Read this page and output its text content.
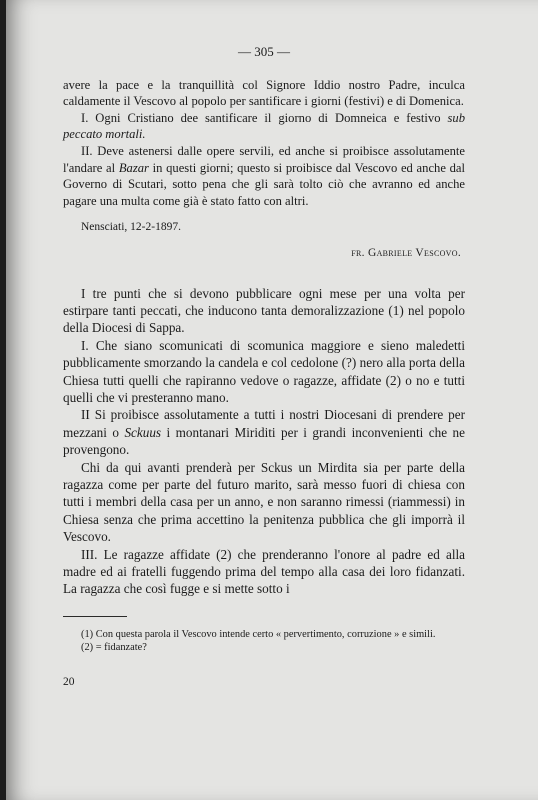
— 305 —

avere la pace e la tranquillità col Signore Iddio nostro Padre, inculca caldamente il Vescovo al popolo per santificare i giorni (festivi) e di Domenica.

I. Ogni Cristiano dee santificare il giorno di Domneica e festivo sub peccato mortali.

II. Deve astenersi dalle opere servili, ed anche si proibisce assolutamente l'andare al Bazar in questi giorni; questo si proibisce dal Vescovo ed anche dal Governo di Scutari, sotto pena che gli sarà tolto ciò che avranno ed anche pagare una multa come già è stato fatto con altri.

Nensciati, 12-2-1897.

fr. Gabriele Vescovo.

I tre punti che si devono pubblicare ogni mese per una volta per estirpare tanti peccati, che inducono tanta demoralizzazione (1) nel popolo della Diocesi di Sappa.

I. Che siano scomunicati di scomunica maggiore e sieno maledetti pubblicamente smorzando la candela e col cedolone (?) nero alla porta della Chiesa tutti quelli che rapiranno vedove o ragazze, affidate (2) o no e tutti quelli che vi presteranno mano.

II Si proibisce assolutamente a tutti i nostri Diocesani di prendere per mezzani o Sckuus i montanari Miriditi per i grandi inconvenienti che ne provengono.

Chi da qui avanti prenderà per Sckus un Mirdita sia per parte della ragazza come per parte del futuro marito, sarà messo fuori di chiesa con tutti i membri della casa per un anno, e non saranno rimessi (riammessi) in Chiesa senza che prima accettino la penitenza pubblica che gli imporrà il Vescovo.

III. Le ragazze affidate (2) che prenderanno l'onore al padre ed alla madre ed ai fratelli fuggendo prima del tempo alla casa dei loro fidanzati. La ragazza che così fugge e si mette sotto i

(1) Con questa parola il Vescovo intende certo « pervertimento, corruzione » e simili.

(2) = fidanzate?

20
